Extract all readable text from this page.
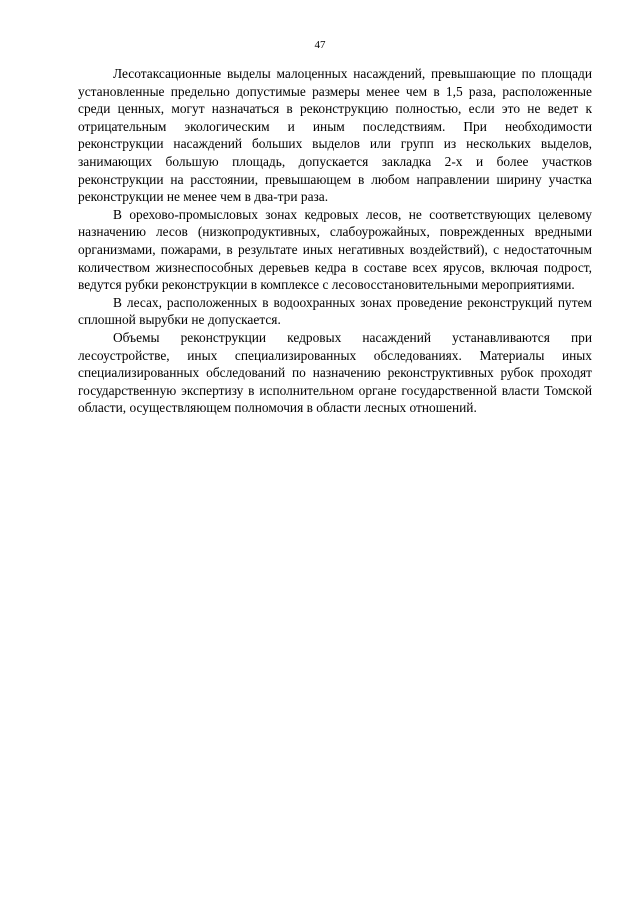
47

Лесотаксационные выделы малоценных насаждений, превышающие по площади установленные предельно допустимые размеры менее чем в 1,5 раза, расположенные среди ценных, могут назначаться в реконструкцию полностью, если это не ведет к отрицательным экологическим и иным последствиям. При необходимости реконструкции насаждений больших выделов или групп из нескольких выделов, занимающих большую площадь, допускается закладка 2-х и более участков реконструкции на расстоянии, превышающем в любом направлении ширину участка реконструкции не менее чем в два-три раза.

В орехово-промысловых зонах кедровых лесов, не соответствующих целевому назначению лесов (низкопродуктивных, слабоурожайных, поврежденных вредными организмами, пожарами, в результате иных негативных воздействий), с недостаточным количеством жизнеспособных деревьев кедра в составе всех ярусов, включая подрост, ведутся рубки реконструкции в комплексе с лесовосстановительными мероприятиями.

В лесах, расположенных в водоохранных зонах проведение реконструкций путем сплошной вырубки не допускается.

Объемы реконструкции кедровых насаждений устанавливаются при лесоустройстве, иных специализированных обследованиях. Материалы иных специализированных обследований по назначению реконструктивных рубок проходят государственную экспертизу в исполнительном органе государственной власти Томской области, осуществляющем полномочия в области лесных отношений.
